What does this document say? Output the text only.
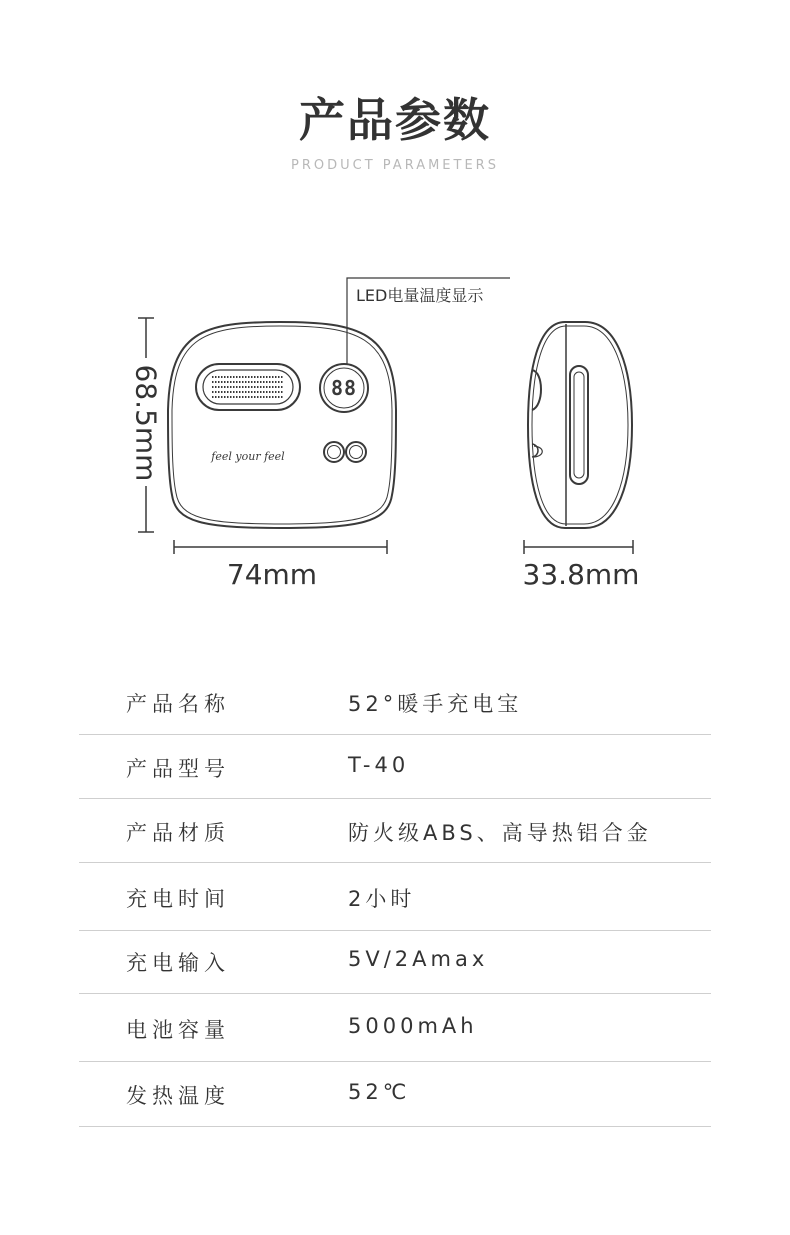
产品参数
PRODUCT PARAMETERS
88
feel your feel
LED电量温度显示
68.5mm
74mm	33.8mm
产品名称	52°暖手充电宝
产品型号	T-40
产品材质	防火级ABS、高导热铝合金
充电时间	2小时
充电输入	5V/2Amax
电池容量	5000mAh
发热温度	52℃
